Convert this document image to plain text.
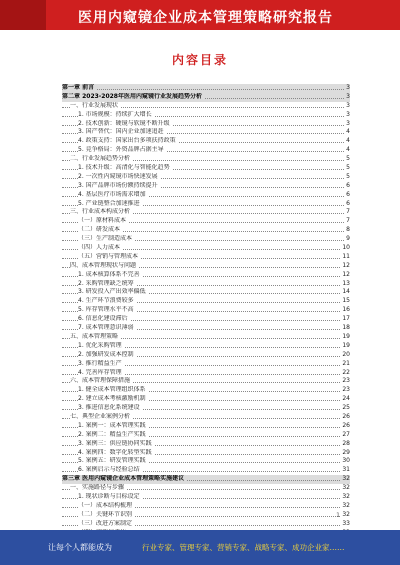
医用内窥镜企业成本管理策略研究报告
内容目录
第一章 前言	3
第二章 2023-2028年医用内窥镜行业发展趋势分析	3
一、行业发展现状	3
1. 市场规模：持续扩大增长	3
2. 技术创新：硬镜与软镜不断升级	3
3. 国产替代：国内企业加速追赶	4
4. 政策支持：国家出台多项扶持政策	4
5. 竞争格局：外资品牌占据主导	4
二、行业发展趋势分析	5
1. 技术升级：高清化与智能化趋势	5
2. 一次性内窥镜市场快速发展	5
3. 国产品牌市场份额持续提升	6
4. 基层医疗市场需求增加	6
5. 产业链整合加速推进	6
三、行业成本构成分析	7
（一）原材料成本	7
（二）研发成本	8
（三）生产制造成本	9
（四）人力成本	10
（五）营销与管理成本	11
四、成本管理现状与问题	12
1. 成本核算体系不完善	12
2. 采购管理缺乏统筹	13
3. 研发投入产出效率偏低	14
4. 生产环节浪费较多	15
5. 库存管理水平不高	16
6. 信息化建设滞后	17
7. 成本管理意识薄弱	18
五、成本管理策略	19
1. 优化采购管理	19
2. 加强研发成本控制	20
3. 推行精益生产	21
4. 完善库存管理	22
六、成本管理保障措施	23
1. 健全成本管理组织体系	23
2. 建立成本考核激励机制	24
3. 推进信息化系统建设	25
七、典型企业案例分析	26
1. 案例一：成本管理实践	26
2. 案例二：精益生产实践	27
3. 案例三：供应链协同实践	28
4. 案例四：数字化转型实践	29
5. 案例五：研发管理实践	30
6. 案例启示与经验总结	31
第三章 医用内窥镜企业成本管理策略实施建议	32
一、实施路径与步骤	32
1. 现状诊断与目标设定	32
（一）成本结构梳理	32
（二）关键环节识别	32
（三）改进方案制定	33
1
让每个人都能成为	行业专家、管理专家、营销专家、战略专家、成功企业家……
